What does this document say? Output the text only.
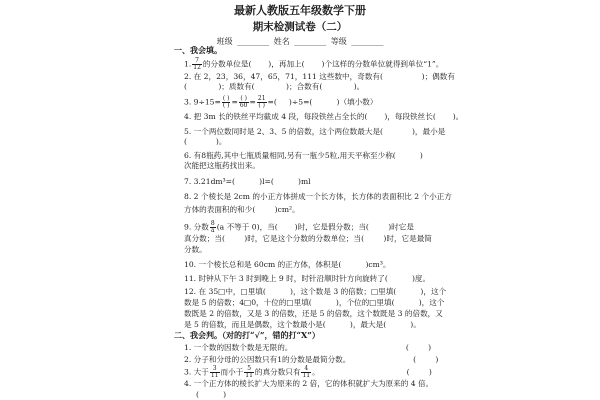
最新人教版五年级数学下册
期末检测试卷（二）
班级 ________ 姓名 ________ 等级 ________
一、我会填。
1. $\frac{7}{12}$ 的分数单位是(       )，再加上(       )个这样的分数单位就得到单位“1”。
2. 在 2，23，36，47，65，71，111 这些数中，奇数有(                )；偶数有
(             )；质数有(             )；合数有(             )。
3. $9\div 15= \frac{( )}{( )} = \frac{( )}{60} = \frac{21}{( )}$ =(     )÷5=(          )（填小数）
4. 把 3m 长的铁丝平均截成 4 段，每段铁丝占全长的(       )，每段铁丝长(       )。
5. 一个两位数同时是 2、3、5 的倍数，这个两位数最大是(            )，最小是
(            )。
6. 有8瓶药,其中七瓶质量相同,另有一瓶少5粒,用天平称至少称(          )
次能把这瓶药找出来。
7. 3.21dm³=(          )l=(          )ml
8. 2 个棱长是 2cm 的小正方体拼成一个长方体，长方体的表面积比 2 个小正方
方体的表面积的和少(        )cm²。
9. 分数 $\frac{8}{a} (a$ 不等于 0)，当(       )时，它是假分数；当(        )时它是
真分数；当(        )时，它是这个分数的分数单位；当(        )时，它是最简
分数。
10. 一个棱长总和是 60cm 的正方体，体积是(          )cm³。
11. 时钟从下午 3 时到晚上 9 时，时针沿顺时针方向旋转了(          )度。
12. 在 35□中，□里填(          )，这个数是 3 的倍数；□里填(          )，这个
数是 5 的倍数；4□0，十位的□里填(          )，个位的□里填(          )，这个
数既是 2 的倍数，又是 3 的倍数，还是 5 的倍数，这个数既是 3 的倍数，又
是 5 的倍数，而且是偶数，这个数最小是(          )，最大是(          )。
二、我会判。（对的打“√”，错的打“X”）
1. 一个数的因数个数是无限的。                                               (        )
2. 分子和分母的公因数只有1的分数是最简分数。                          (        )
3. 大于 $\frac{3}{11}$ 而小于 $\frac{5}{11}$ 的真分数只有 $\frac{4}{11}$ 。                                    (        )
4. 一个正方体的棱长扩大为原来的 2 倍，它的体积就扩大为原来的 4 倍。
(          )
